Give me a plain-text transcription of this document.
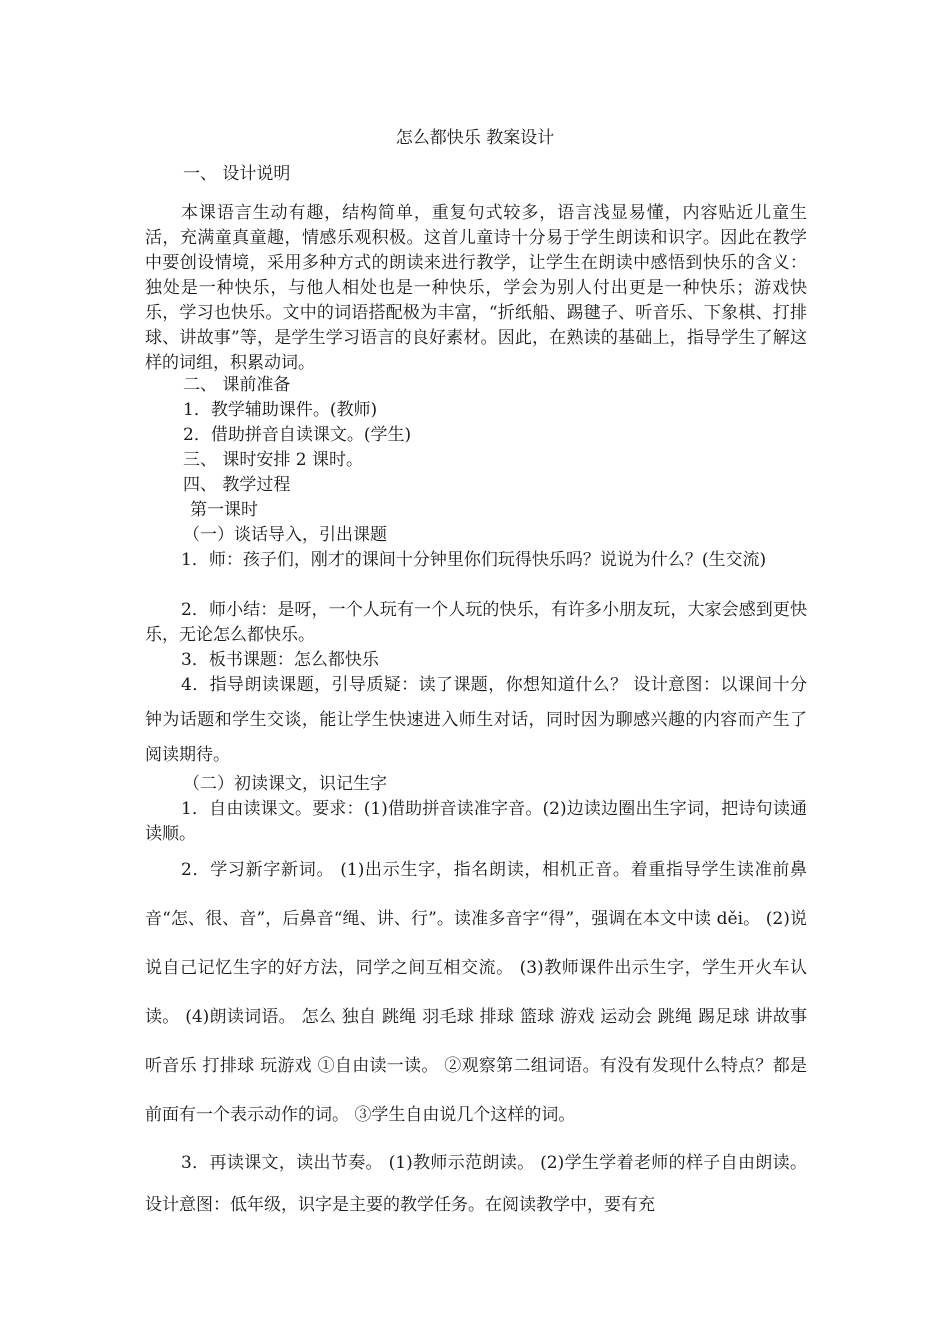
怎么都快乐 教案设计

一、 设计说明

本课语言生动有趣，结构简单，重复句式较多，语言浅显易懂，内容贴近儿童生活，充满童真童趣，情感乐观积极。这首儿童诗十分易于学生朗读和识字。因此在教学中要创设情境，采用多种方式的朗读来进行教学，让学生在朗读中感悟到快乐的含义：独处是一种快乐，与他人相处也是一种快乐，学会为别人付出更是一种快乐；游戏快乐，学习也快乐。文中的词语搭配极为丰富，“折纸船、踢毽子、听音乐、下象棋、打排球、讲故事”等，是学生学习语言的良好素材。因此，在熟读的基础上，指导学生了解这样的词组，积累动词。

二、 课前准备

1．教学辅助课件。(教师)

2．借助拼音自读课文。(学生)

三、 课时安排 2 课时。

四、 教学过程

第一课时

（一）谈话导入，引出课题

1．师：孩子们，刚才的课间十分钟里你们玩得快乐吗？说说为什么？(生交流)

2．师小结：是呀，一个人玩有一个人玩的快乐，有许多小朋友玩，大家会感到更快乐，无论怎么都快乐。

3．板书课题：怎么都快乐

4．指导朗读课题，引导质疑：读了课题，你想知道什么？ 设计意图：以课间十分钟为话题和学生交谈，能让学生快速进入师生对话，同时因为聊感兴趣的内容而产生了阅读期待。

（二）初读课文，识记生字

1．自由读课文。要求：(1)借助拼音读准字音。(2)边读边圈出生字词，把诗句读通读顺。

2．学习新字新词。 (1)出示生字，指名朗读，相机正音。着重指导学生读准前鼻音“怎、很、音”，后鼻音“绳、讲、行”。读准多音字“得”，强调在本文中读 děi。 (2)说说自己记忆生字的好方法，同学之间互相交流。 (3)教师课件出示生字，学生开火车认读。 (4)朗读词语。 怎么 独自 跳绳 羽毛球 排球 篮球 游戏 运动会 跳绳 踢足球 讲故事 听音乐 打排球 玩游戏 ①自由读一读。 ②观察第二组词语。有没有发现什么特点？都是前面有一个表示动作的词。 ③学生自由说几个这样的词。

3．再读课文，读出节奏。 (1)教师示范朗读。 (2)学生学着老师的样子自由朗读。 设计意图：低年级，识字是主要的教学任务。在阅读教学中，要有充
